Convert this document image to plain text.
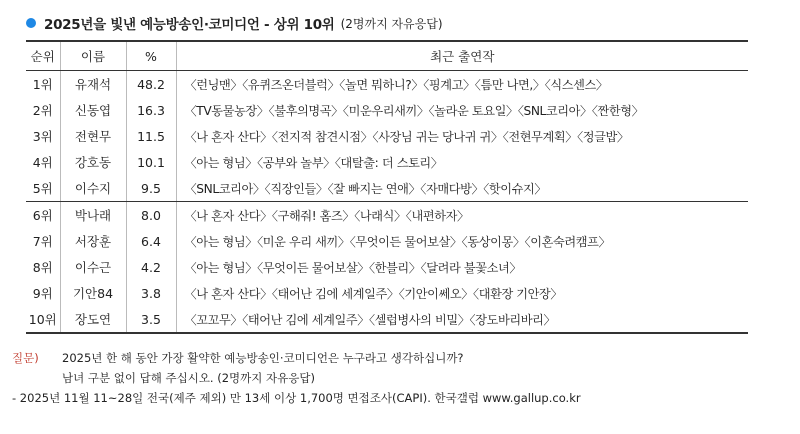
2025년을 빛낸 예능방송인·코미디언 - 상위 10위 (2명까지 자유응답)
순위	이름	%	최근 출연작
1위	유재석	48.2	〈런닝맨〉〈유퀴즈온더블럭〉〈놀면 뭐하니?〉〈핑계고〉〈틈만 나면,〉〈식스센스〉
2위	신동엽	16.3	〈TV동물농장〉〈불후의명곡〉〈미운우리새끼〉〈놀라운 토요일〉〈SNL코리아〉〈짠한형〉
3위	전현무	11.5	〈나 혼자 산다〉〈전지적 참견시점〉〈사장님 귀는 당나귀 귀〉〈전현무계획〉〈정글밥〉
4위	강호동	10.1	〈아는 형님〉〈공부와 놀부〉〈대탈출: 더 스토리〉
5위	이수지	9.5	〈SNL코리아〉〈직장인들〉〈잘 빠지는 연애〉〈자매다방〉〈핫이슈지〉
6위	박나래	8.0	〈나 혼자 산다〉〈구해줘! 홈즈〉〈나래식〉〈내편하자〉
7위	서장훈	6.4	〈아는 형님〉〈미운 우리 새끼〉〈무엇이든 물어보살〉〈동상이몽〉〈이혼숙려캠프〉
8위	이수근	4.2	〈아는 형님〉〈무엇이든 물어보살〉〈한블리〉〈달려라 불꽃소녀〉
9위	기안84	3.8	〈나 혼자 산다〉〈태어난 김에 세계일주〉〈기안이쎄오〉〈대환장 기안장〉
10위	장도연	3.5	〈꼬꼬무〉〈태어난 김에 세계일주〉〈셀럽병사의 비밀〉〈장도바리바리〉
질문) 2025년 한 해 동안 가장 활약한 예능방송인·코미디언은 누구라고 생각하십니까?
남녀 구분 없이 답해 주십시오. (2명까지 자유응답)
- 2025년 11월 11~28일 전국(제주 제외) 만 13세 이상 1,700명 면접조사(CAPI). 한국갤럽 www.gallup.co.kr
